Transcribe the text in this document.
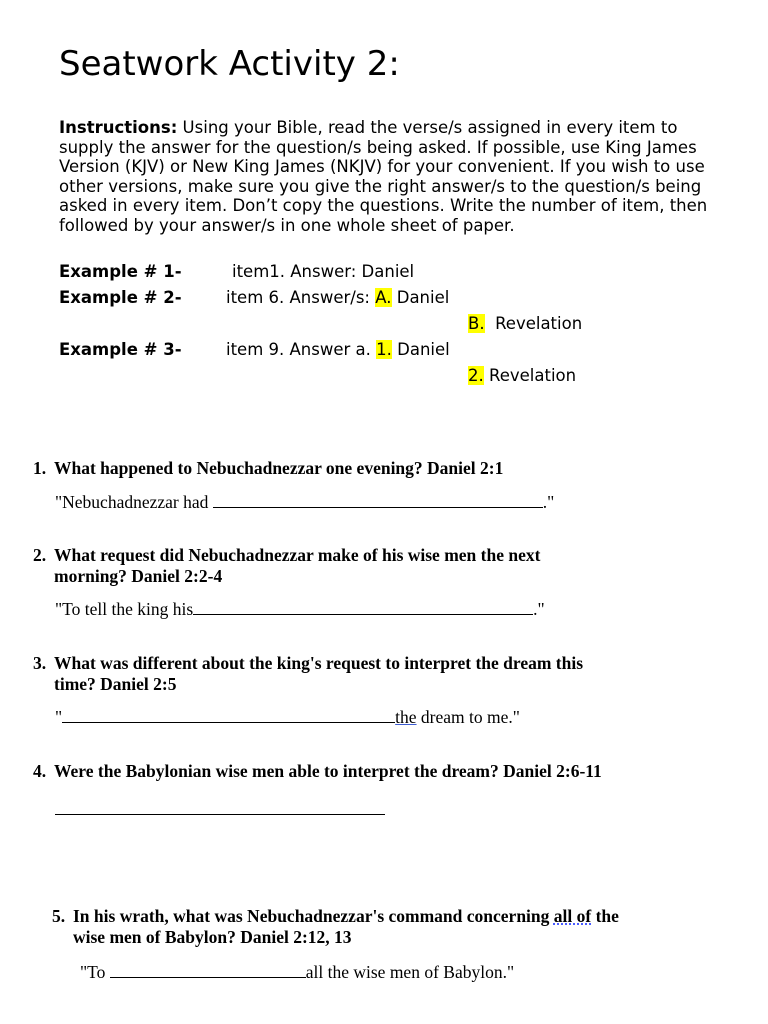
Seatwork Activity 2:

Instructions: Using your Bible, read the verse/s assigned in every item to supply the answer for the question/s being asked. If possible, use King James Version (KJV) or New King James (NKJV) for your convenient. If you wish to use other versions, make sure you give the right answer/s to the question/s being asked in every item. Don’t copy the questions. Write the number of item, then followed by your answer/s in one whole sheet of paper.

Example # 1-	item1. Answer: Daniel
Example # 2-	item 6. Answer/s: A. Daniel
B.  Revelation
Example # 3-	item 9. Answer a. 1. Daniel
2. Revelation
1. What happened to Nebuchadnezzar one evening? Daniel 2:1
"Nebuchadnezzar had	."
2. What request did Nebuchadnezzar make of his wise men the next
morning? Daniel 2:2-4
"To tell the king his	."
3. What was different about the king's request to interpret the dream this
time? Daniel 2:5
"	the dream to me."
4. Were the Babylonian wise men able to interpret the dream? Daniel 2:6-11
5. In his wrath, what was Nebuchadnezzar's command concerning all of the
wise men of Babylon? Daniel 2:12, 13
"To	all the wise men of Babylon."
